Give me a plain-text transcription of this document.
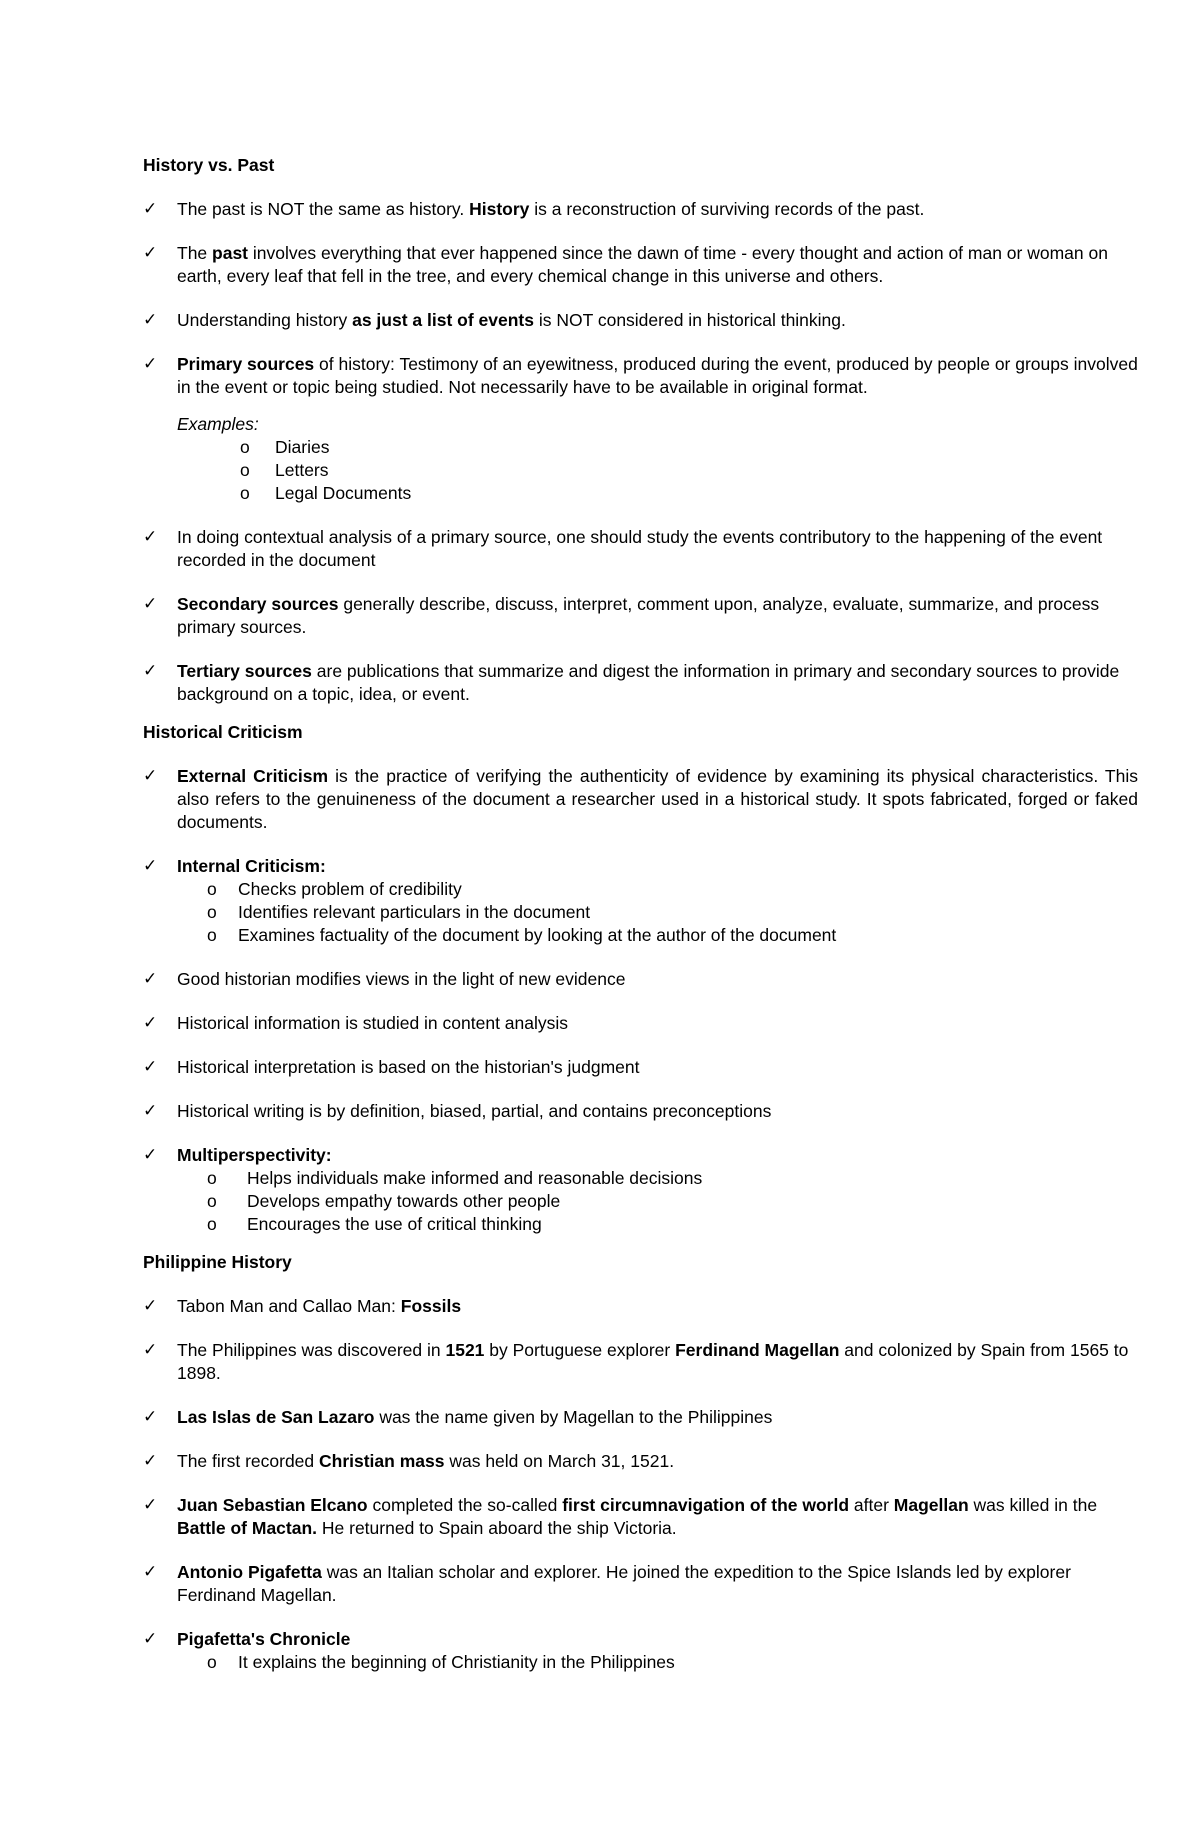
History vs. Past
✓	The past is NOT the same as history. History is a reconstruction of surviving records of the past.
✓	The past involves everything that ever happened since the dawn of time - every thought and action of man or woman on earth, every leaf that fell in the tree, and every chemical change in this universe and others.
✓	Understanding history as just a list of events is NOT considered in historical thinking.
✓	Primary sources of history: Testimony of an eyewitness, produced during the event, produced by people or groups involved in the event or topic being studied. Not necessarily have to be available in original format.
Examples:
o Diaries
o Letters
o Legal Documents
✓	In doing contextual analysis of a primary source, one should study the events contributory to the happening of the event recorded in the document
✓	Secondary sources generally describe, discuss, interpret, comment upon, analyze, evaluate, summarize, and process primary sources.
✓	Tertiary sources are publications that summarize and digest the information in primary and secondary sources to provide background on a topic, idea, or event.
Historical Criticism
✓	External Criticism is the practice of verifying the authenticity of evidence by examining its physical characteristics. This also refers to the genuineness of the document a researcher used in a historical study. It spots fabricated, forged or faked documents.
✓	Internal Criticism:
o Checks problem of credibility
o Identifies relevant particulars in the document
o Examines factuality of the document by looking at the author of the document
✓	Good historian modifies views in the light of new evidence
✓	Historical information is studied in content analysis
✓	Historical interpretation is based on the historian's judgment
✓	Historical writing is by definition, biased, partial, and contains preconceptions
✓	Multiperspectivity:
o Helps individuals make informed and reasonable decisions
o Develops empathy towards other people
o Encourages the use of critical thinking
Philippine History
✓	Tabon Man and Callao Man: Fossils
✓	The Philippines was discovered in 1521 by Portuguese explorer Ferdinand Magellan and colonized by Spain from 1565 to 1898.
✓	Las Islas de San Lazaro was the name given by Magellan to the Philippines
✓	The first recorded Christian mass was held on March 31, 1521.
✓	Juan Sebastian Elcano completed the so-called first circumnavigation of the world after Magellan was killed in the Battle of Mactan. He returned to Spain aboard the ship Victoria.
✓	Antonio Pigafetta was an Italian scholar and explorer. He joined the expedition to the Spice Islands led by explorer Ferdinand Magellan.
✓	Pigafetta's Chronicle
o It explains the beginning of Christianity in the Philippines
